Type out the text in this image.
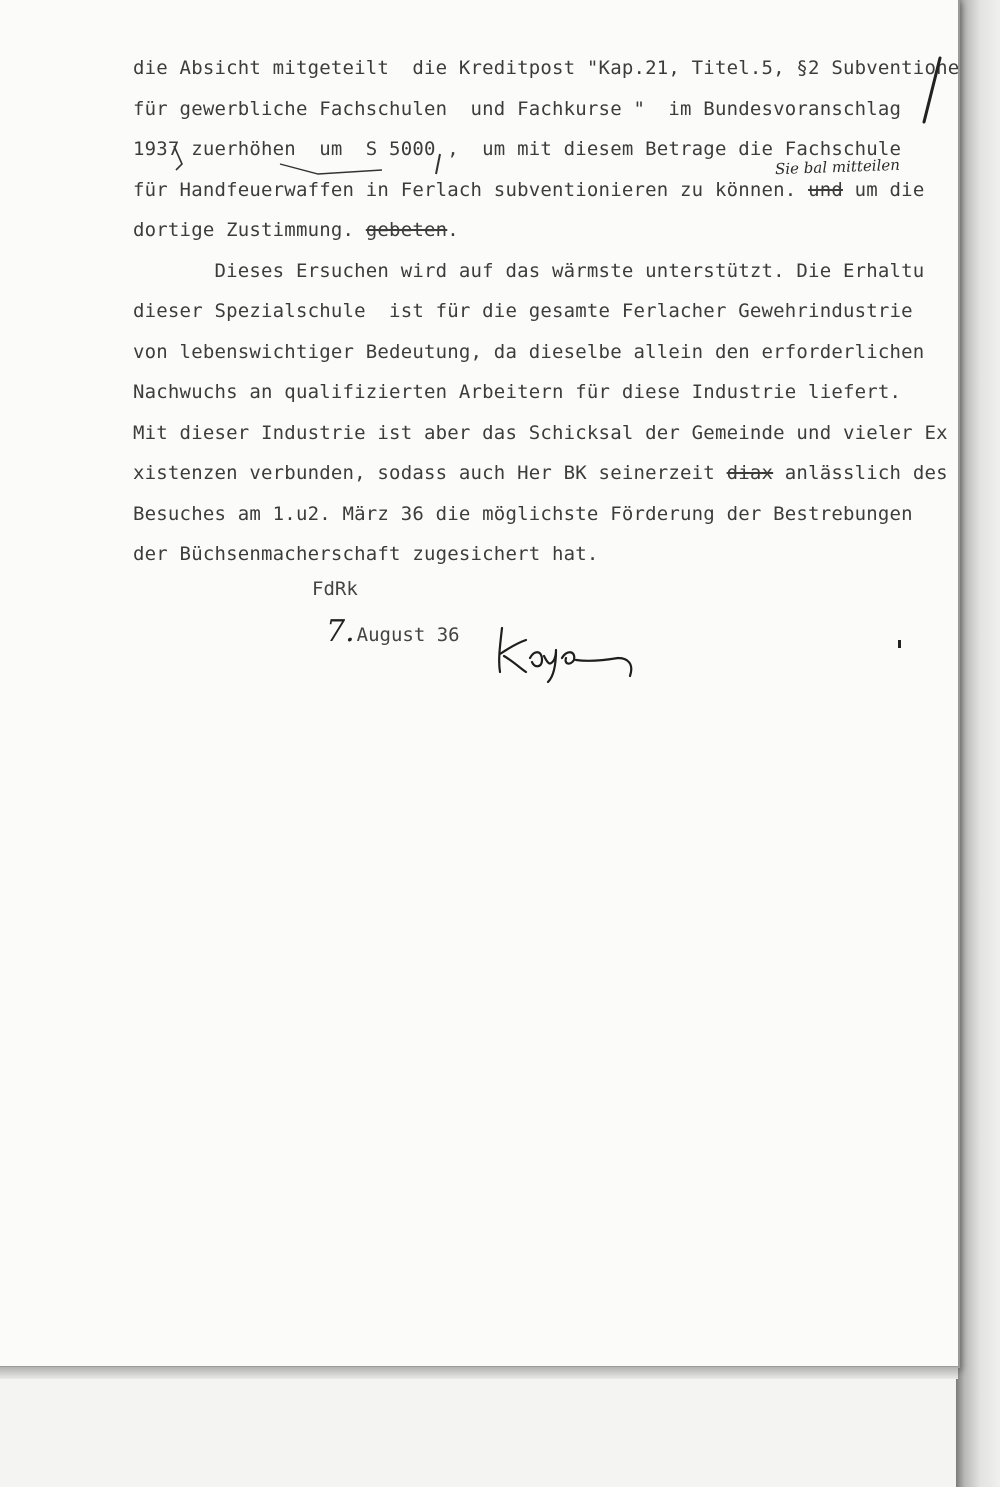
die Absicht mitgeteilt  die Kreditpost "Kap.21, Titel.5, §2 Subventione
für gewerbliche Fachschulen  und Fachkurse "  im Bundesvoranschlag
1937 zuerhöhen  um  S 5000 ,  um mit diesem Betrage die Fachschule
für Handfeuerwaffen in Ferlach subventionieren zu können. und um die
dortige Zustimmung. gebeten.
Dieses Ersuchen wird auf das wärmste unterstützt. Die Erhaltu
dieser Spezialschule  ist für die gesamte Ferlacher Gewehrindustrie
von lebenswichtiger Bedeutung, da dieselbe allein den erforderlichen
Nachwuchs an qualifizierten Arbeitern für diese Industrie liefert.
Mit dieser Industrie ist aber das Schicksal der Gemeinde und vieler Ex
xistenzen verbunden, sodass auch Her BK seinerzeit diax anlässlich des
Besuches am 1.u2. März 36 die möglichste Förderung der Bestrebungen
der Büchsenmacherschaft zugesichert hat.
Sie bal mitteilen
FdRk
7. August 36
